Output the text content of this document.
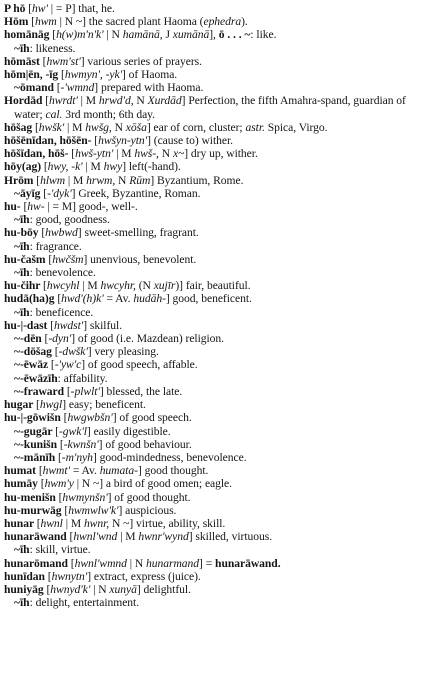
P hō [hw' | = P] that, he.

Hōm [hwm | N ~] the sacred plant Haoma (ephedra).

homānāg [h(w)m'n'k' | N hamānā, J xumānā], ō . . . ~: like.

~īh: likeness.

hōmāst [hwm'st'] various series of prayers.

hōm|ēn, -īg [hwmyn', -yk'] of Haoma.

~ōmand [-'wmnd] prepared with Haoma.

Hordād [hwrdt' | M hrwd'd, N Xurdād] Perfection, the fifth Amahra-spand, guardian of water; cal. 3rd month; 6th day.

hōšag [hwšk' | M hwšg, N xōša] ear of corn, cluster; astr. Spica, Virgo.

hōšēnīdan, hōšēn- [hwšyn-ytn'] (cause to) wither.

hōšīdan, hōš- [hwš-ytn' | M hwš-, N x~] dry up, wither.

hōy(ag) [hwy, -k' | M hwy] left(-hand).

Hrōm [hlwm | M hrwm, N Rūm] Byzantium, Rome.

~āyīg [-'dyk'] Greek, Byzantine, Roman.

hu- [hw- | = M] good-, well-.

~īh: good, goodness.

hu-bōy [hwbwd] sweet-smelling, fragrant.

~īh: fragrance.

hu-čašm [hwčšm] unenvious, benevolent.

~īh: benevolence.

hu-čihr [hwcyhl | M hwcyhr, (N xujīr)] fair, beautiful.

hudā(ha)g [hwd'(h)k' = Av. hudāh-] good, beneficent.

~īh: beneficence.

hu-|-dast [hwdst'] skilful.

~-dēn [-dyn'] of good (i.e. Mazdean) religion.

~-dōšag [-dwšk'] very pleasing.

~-ēwāz [-'yw'c] of good speech, affable.

~-ēwāzīh: affability.

~-fraward [-plwlt'] blessed, the late.

hugar [hwgl] easy; beneficent.

hu-|-gōwišn [hwgwbšn'] of good speech.

~-gugār [-gwk'l] easily digestible.

~-kunišn [-kwnšn'] of good behaviour.

~-mānīh [-m'nyh] good-mindedness, benevolence.

humat [hwmt' = Av. humata-] good thought.

humāy [hwm'y | N ~] a bird of good omen; eagle.

hu-menišn [hwmynšn'] of good thought.

hu-murwāg [hwmwlw'k'] auspicious.

hunar [hwnl | M hwnr, N ~] virtue, ability, skill.

hunarāwand [hwnl'wnd | M hwnr'wynd] skilled, virtuous.

~īh: skill, virtue.

hunarōmand [hwnl'wmnd | N hunarmand] = hunarāwand.

hunīdan [hwnytn'] extract, express (juice).

huniyāg [hwnyd'k' | N xunyā] delightful.

~īh: delight, entertainment.
